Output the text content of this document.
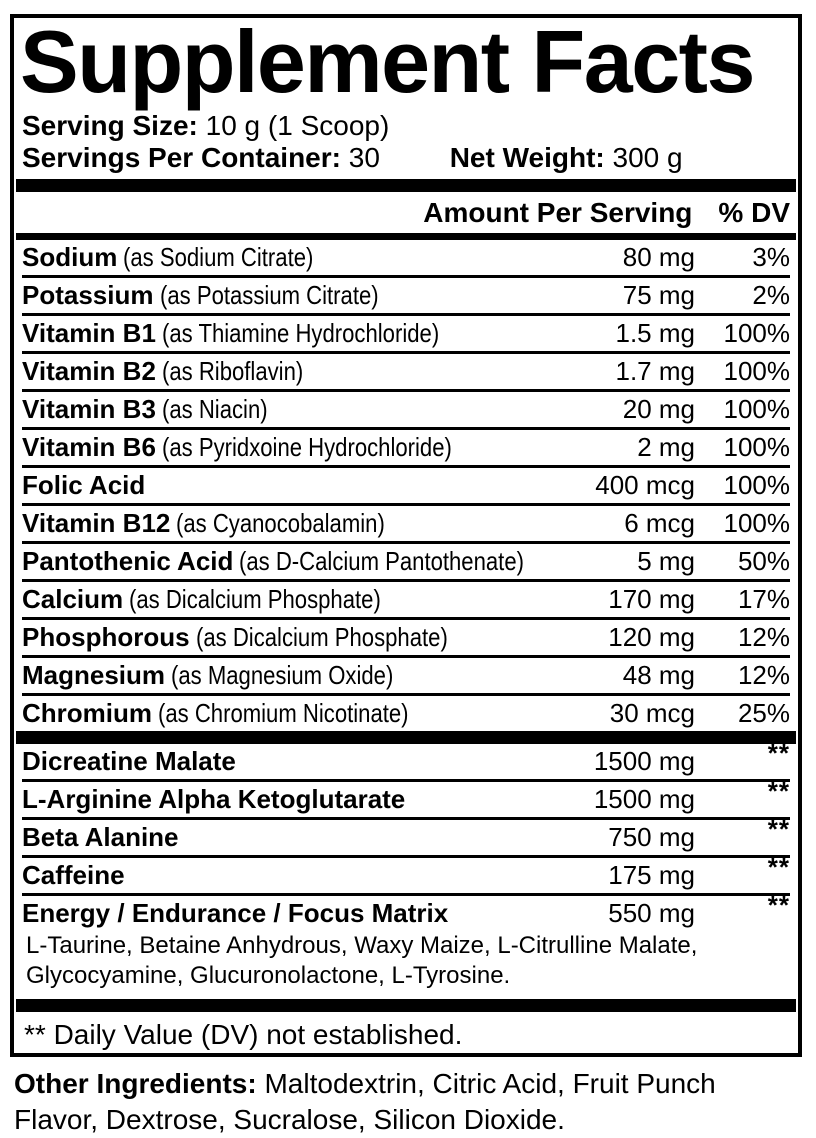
Supplement Facts
Serving Size: 10 g (1 Scoop)
Servings Per Container: 30 Net Weight: 300 g
Amount Per Serving % DV
Sodium (as Sodium Citrate)	80 mg	3%
Potassium (as Potassium Citrate)	75 mg	2%
Vitamin B1 (as Thiamine Hydrochloride)	1.5 mg	100%
Vitamin B2 (as Riboflavin)	1.7 mg	100%
Vitamin B3 (as Niacin)	20 mg	100%
Vitamin B6 (as Pyridxoine Hydrochloride)	2 mg	100%
Folic Acid	400 mcg	100%
Vitamin B12 (as Cyanocobalamin)	6 mcg	100%
Pantothenic Acid (as D-Calcium Pantothenate)	5 mg	50%
Calcium (as Dicalcium Phosphate)	170 mg	17%
Phosphorous (as Dicalcium Phosphate)	120 mg	12%
Magnesium (as Magnesium Oxide)	48 mg	12%
Chromium (as Chromium Nicotinate)	30 mcg	25%
Dicreatine Malate	1500 mg	**
L-Arginine Alpha Ketoglutarate	1500 mg	**
Beta Alanine	750 mg	**
Caffeine	175 mg	**
Energy / Endurance / Focus Matrix	550 mg	**
L-Taurine, Betaine Anhydrous, Waxy Maize, L-Citrulline Malate, Glycocyamine, Glucuronolactone, L-Tyrosine.
** Daily Value (DV) not established.

Other Ingredients: Maltodextrin, Citric Acid, Fruit Punch Flavor, Dextrose, Sucralose, Silicon Dioxide.
